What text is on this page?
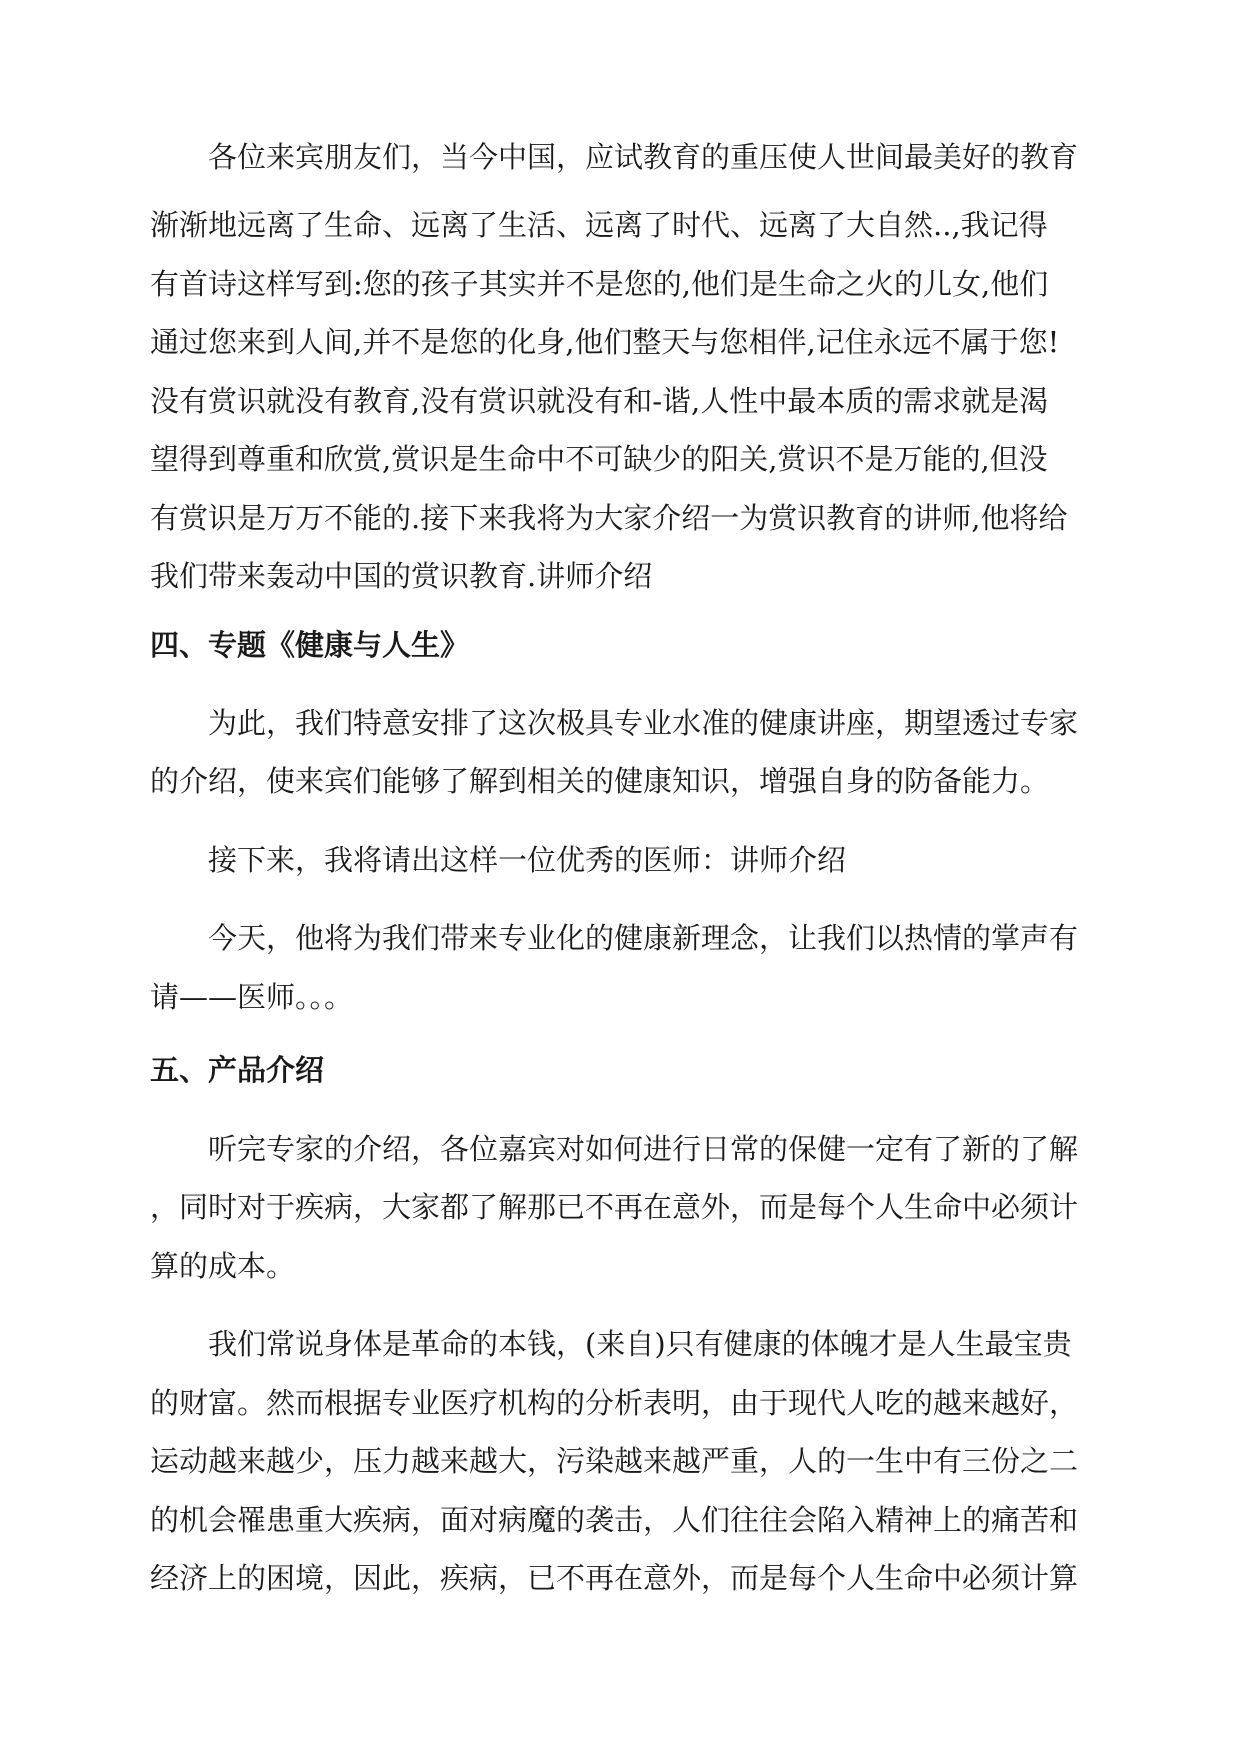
　　各位来宾朋友们，当今中国，应试教育的重压使人世间最美好的教育

渐渐地远离了生命、远离了生活、远离了时代、远离了大自然..,我记得

有首诗这样写到:您的孩子其实并不是您的,他们是生命之火的儿女,他们

通过您来到人间,并不是您的化身,他们整天与您相伴,记住永远不属于您!

没有赏识就没有教育,没有赏识就没有和-谐,人性中最本质的需求就是渴

望得到尊重和欣赏,赏识是生命中不可缺少的阳关,赏识不是万能的,但没

有赏识是万万不能的.接下来我将为大家介绍一为赏识教育的讲师,他将给

我们带来轰动中国的赏识教育.讲师介绍

四、专题《健康与人生》

　　为此，我们特意安排了这次极具专业水准的健康讲座，期望透过专家

的介绍，使来宾们能够了解到相关的健康知识，增强自身的防备能力。

　　接下来，我将请出这样一位优秀的医师：讲师介绍

　　今天，他将为我们带来专业化的健康新理念，让我们以热情的掌声有

请——医师。。。

五、产品介绍

　　听完专家的介绍，各位嘉宾对如何进行日常的保健一定有了新的了解

，同时对于疾病，大家都了解那已不再在意外，而是每个人生命中必须计

算的成本。

　　我们常说身体是革命的本钱，(来自)只有健康的体魄才是人生最宝贵

的财富。然而根据专业医疗机构的分析表明，由于现代人吃的越来越好，

运动越来越少，压力越来越大，污染越来越严重，人的一生中有三份之二

的机会罹患重大疾病，面对病魔的袭击，人们往往会陷入精神上的痛苦和

经济上的困境，因此，疾病，已不再在意外，而是每个人生命中必须计算
